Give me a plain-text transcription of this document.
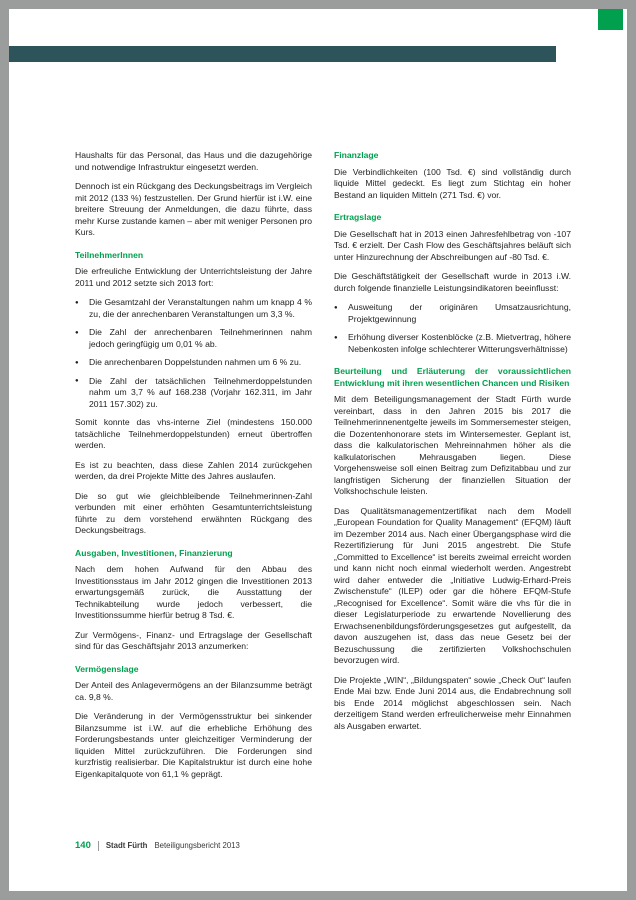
Haushalts für das Personal, das Haus und die dazugehörige und notwendige Infrastruktur eingesetzt werden.

Dennoch ist ein Rückgang des Deckungsbeitrags im Vergleich mit 2012 (133 %) festzustellen. Der Grund hierfür ist i.W. eine breitere Streuung der Anmeldungen, die dazu führte, dass mehr Kurse zustande kamen – aber mit weniger Personen pro Kurs.

TeilnehmerInnen

Die erfreuliche Entwicklung der Unterrichtsleistung der Jahre 2011 und 2012 setzte sich 2013 fort:

● Die Gesamtzahl der Veranstaltungen nahm um knapp 4 % zu, die der anrechenbaren Veranstaltungen um 3,3 %.
● Die Zahl der anrechenbaren Teilnehmerinnen nahm jedoch geringfügig um 0,01 % ab.
● Die anrechenbaren Doppelstunden nahmen um 6 % zu.
● Die Zahl der tatsächlichen Teilnehmerdoppelstunden nahm um 3,7 % auf 168.238 (Vorjahr 162.311, im Jahr 2011 157.302) zu.

Somit konnte das vhs-interne Ziel (mindestens 150.000 tatsächliche Teilnehmerdoppelstunden) erneut übertroffen werden.

Es ist zu beachten, dass diese Zahlen 2014 zurückgehen werden, da drei Projekte Mitte des Jahres auslaufen.

Die so gut wie gleichbleibende Teilnehmerinnen-Zahl verbunden mit einer erhöhten Gesamtunterrichtsleistung führte zu dem vorstehend erwähnten Rückgang des Deckungsbeitrags.

Ausgaben, Investitionen, Finanzierung

Nach dem hohen Aufwand für den Abbau des Investitionsstaus im Jahr 2012 gingen die Investitionen 2013 erwartungsgemäß zurück, die Ausstattung der Technikabteilung wurde jedoch verbessert, die Investitionssumme hierfür betrug 8 Tsd. €.

Zur Vermögens-, Finanz- und Ertragslage der Gesellschaft sind für das Geschäftsjahr 2013 anzumerken:

Vermögenslage

Der Anteil des Anlagevermögens an der Bilanzsumme beträgt ca. 9,8 %.

Die Veränderung in der Vermögensstruktur bei sinkender Bilanzsumme ist i.W. auf die erhebliche Erhöhung des Forderungsbestands unter gleichzeitiger Verminderung der liquiden Mittel zurückzuführen. Die Forderungen sind kurzfristig realisierbar. Die Kapitalstruktur ist durch eine hohe Eigenkapitalquote von 61,1 % geprägt.

Finanzlage

Die Verbindlichkeiten (100 Tsd. €) sind vollständig durch liquide Mittel gedeckt. Es liegt zum Stichtag ein hoher Bestand an liquiden Mitteln (271 Tsd. €) vor.

Ertragslage

Die Gesellschaft hat in 2013 einen Jahresfehlbetrag von -107 Tsd. € erzielt. Der Cash Flow des Geschäftsjahres beläuft sich unter Hinzurechnung der Abschreibungen auf -80 Tsd. €.

Die Geschäftstätigkeit der Gesellschaft wurde in 2013 i.W. durch folgende finanzielle Leistungsindikatoren beeinflusst:

● Ausweitung der originären Umsatzausrichtung, Projektgewinnung
● Erhöhung diverser Kostenblöcke (z.B. Mietvertrag, höhere Nebenkosten infolge schlechterer Witterungsverhältnisse)
Beurteilung und Erläuterung der voraussichtlichen Entwicklung mit ihren wesentlichen Chancen und Risiken

Mit dem Beteiligungsmanagement der Stadt Fürth wurde vereinbart, dass in den Jahren 2015 bis 2017 die Teilnehmerinnenentgelte jeweils im Sommersemester steigen, die Dozentenhonorare stets im Wintersemester. Geplant ist, dass die kalkulatorischen Mehreinnahmen höher als die kalkulatorischen Mehrausgaben liegen. Diese Vorgehensweise soll einen Beitrag zum Defizitabbau und zur langfristigen Sicherung der finanziellen Situation der Volkshochschule leisten.

Das Qualitätsmanagementzertifikat nach dem Modell „European Foundation for Quality Management“ (EFQM) läuft im Dezember 2014 aus. Nach einer Übergangsphase wird die Rezertifizierung für Juni 2015 angestrebt. Die Stufe „Committed to Excellence“ ist bereits zweimal erreicht worden und kann nicht noch einmal wiederholt werden. Angestrebt wird daher entweder die „Initiative Ludwig-Erhard-Preis Zwischenstufe“ (ILEP) oder gar die höhere EFQM-Stufe „Recognised for Excellence“. Somit wäre die vhs für die in dieser Legislaturperiode zu erwartende Novellierung des Erwachsenenbildungsförderungsgesetzes gut aufgestellt, da davon auszugehen ist, dass das neue Gesetz bei der Bezuschussung die zertifizierten Volkshochschulen bevorzugen wird.

Die Projekte „WIN“, „Bildungspaten“ sowie „Check Out“ laufen Ende Mai bzw. Ende Juni 2014 aus, die Endabrechnung soll bis Ende 2014 möglichst abgeschlossen sein. Nach derzeitigem Stand werden erfreulicherweise mehr Einnahmen als Ausgaben erwartet.

140 Stadt Fürth Beteiligungsbericht 2013
